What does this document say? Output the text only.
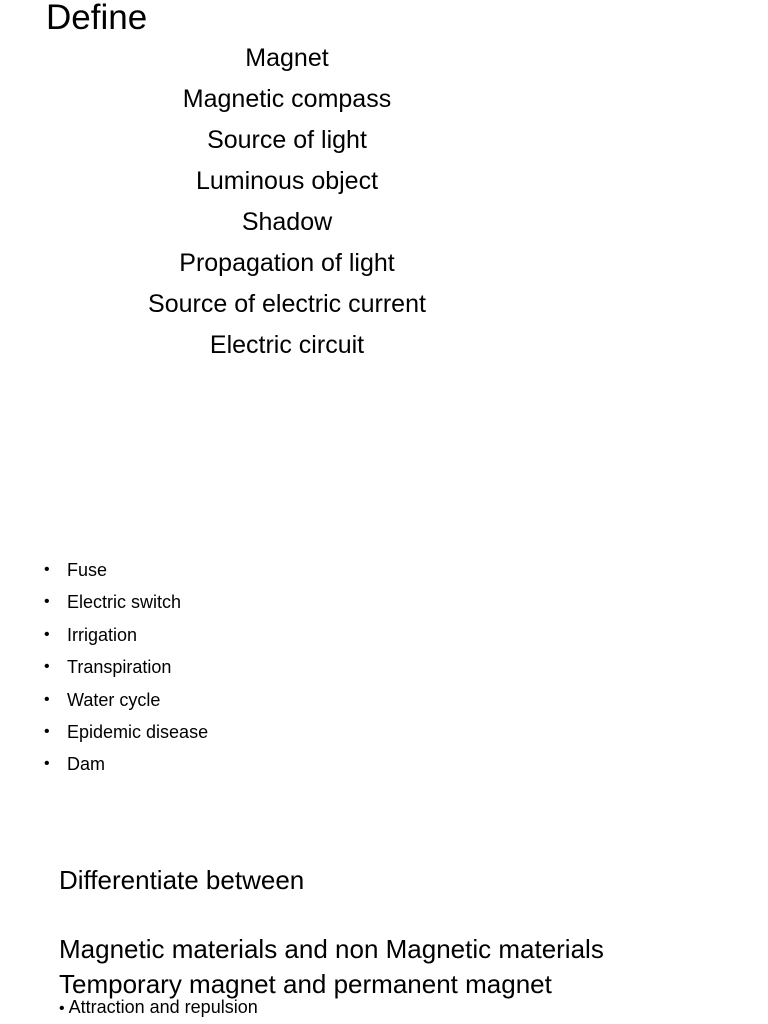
Define
Magnet
Magnetic compass
Source of light
Luminous object
Shadow
Propagation of light
Source of electric current
Electric circuit
• Fuse
• Electric switch
• Irrigation
• Transpiration
• Water cycle
• Epidemic disease
• Dam
Differentiate between
Magnetic materials and non Magnetic materials
Temporary magnet and permanent magnet
• Attraction and repulsion
